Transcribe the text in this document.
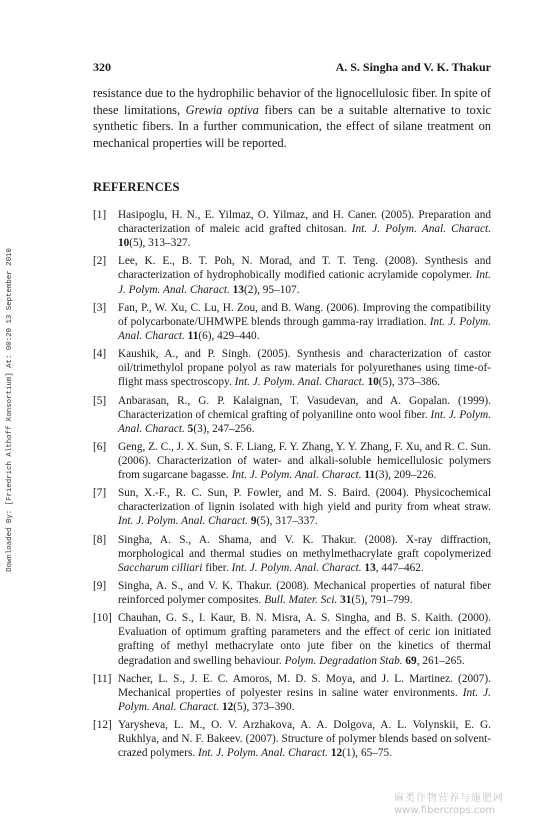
320	A. S. Singha and V. K. Thakur

resistance due to the hydrophilic behavior of the lignocellulosic fiber. In spite of these limitations, Grewia optiva fibers can be a suitable alternative to toxic synthetic fibers. In a further communication, the effect of silane treatment on mechanical properties will be reported.

REFERENCES
[1] Hasipoglu, H. N., E. Yilmaz, O. Yilmaz, and H. Caner. (2005). Preparation and characterization of maleic acid grafted chitosan. Int. J. Polym. Anal. Charact. 10(5), 313–327.
[2] Lee, K. E., B. T. Poh, N. Morad, and T. T. Teng. (2008). Synthesis and characterization of hydrophobically modified cationic acrylamide copolymer. Int. J. Polym. Anal. Charact. 13(2), 95–107.
[3] Fan, P., W. Xu, C. Lu, H. Zou, and B. Wang. (2006). Improving the compatibility of polycarbonate/UHMWPE blends through gamma-ray irradiation. Int. J. Polym. Anal. Charact. 11(6), 429–440.
[4] Kaushik, A., and P. Singh. (2005). Synthesis and characterization of castor oil/trimethylol propane polyol as raw materials for polyurethanes using time-of-flight mass spectroscopy. Int. J. Polym. Anal. Charact. 10(5), 373–386.
[5] Anbarasan, R., G. P. Kalaignan, T. Vasudevan, and A. Gopalan. (1999). Characterization of chemical grafting of polyaniline onto wool fiber. Int. J. Polym. Anal. Charact. 5(3), 247–256.
[6] Geng, Z. C., J. X. Sun, S. F. Liang, F. Y. Zhang, Y. Y. Zhang, F. Xu, and R. C. Sun. (2006). Characterization of water- and alkali-soluble hemicellulosic polymers from sugarcane bagasse. Int. J. Polym. Anal. Charact. 11(3), 209–226.
[7] Sun, X.-F., R. C. Sun, P. Fowler, and M. S. Baird. (2004). Physicochemical characterization of lignin isolated with high yield and purity from wheat straw. Int. J. Polym. Anal. Charact. 9(5), 317–337.
[8] Singha, A. S., A. Shama, and V. K. Thakur. (2008). X-ray diffraction, morphological and thermal studies on methylmethacrylate graft copolymerized Saccharum cilliari fiber. Int. J. Polym. Anal. Charact. 13, 447–462.
[9] Singha, A. S., and V. K. Thakur. (2008). Mechanical properties of natural fiber reinforced polymer composites. Bull. Mater. Sci. 31(5), 791–799.
[10] Chauhan, G. S., I. Kaur, B. N. Misra, A. S. Singha, and B. S. Kaith. (2000). Evaluation of optimum grafting parameters and the effect of ceric ion initiated grafting of methyl methacrylate onto jute fiber on the kinetics of thermal degradation and swelling behaviour. Polym. Degradation Stab. 69, 261–265.
[11] Nacher, L. S., J. E. C. Amoros, M. D. S. Moya, and J. L. Martinez. (2007). Mechanical properties of polyester resins in saline water environments. Int. J. Polym. Anal. Charact. 12(5), 373–390.
[12] Yarysheva, L. M., O. V. Arzhakova, A. A. Dolgova, A. L. Volynskii, E. G. Rukhlya, and N. F. Bakeev. (2007). Structure of polymer blends based on solvent-crazed polymers. Int. J. Polym. Anal. Charact. 12(1), 65–75.
Downloaded By: [Friedrich Althoff Konsortium] At: 00:20 13 September 2010
麻类作物营养与施肥网
www.fibercrops.com
